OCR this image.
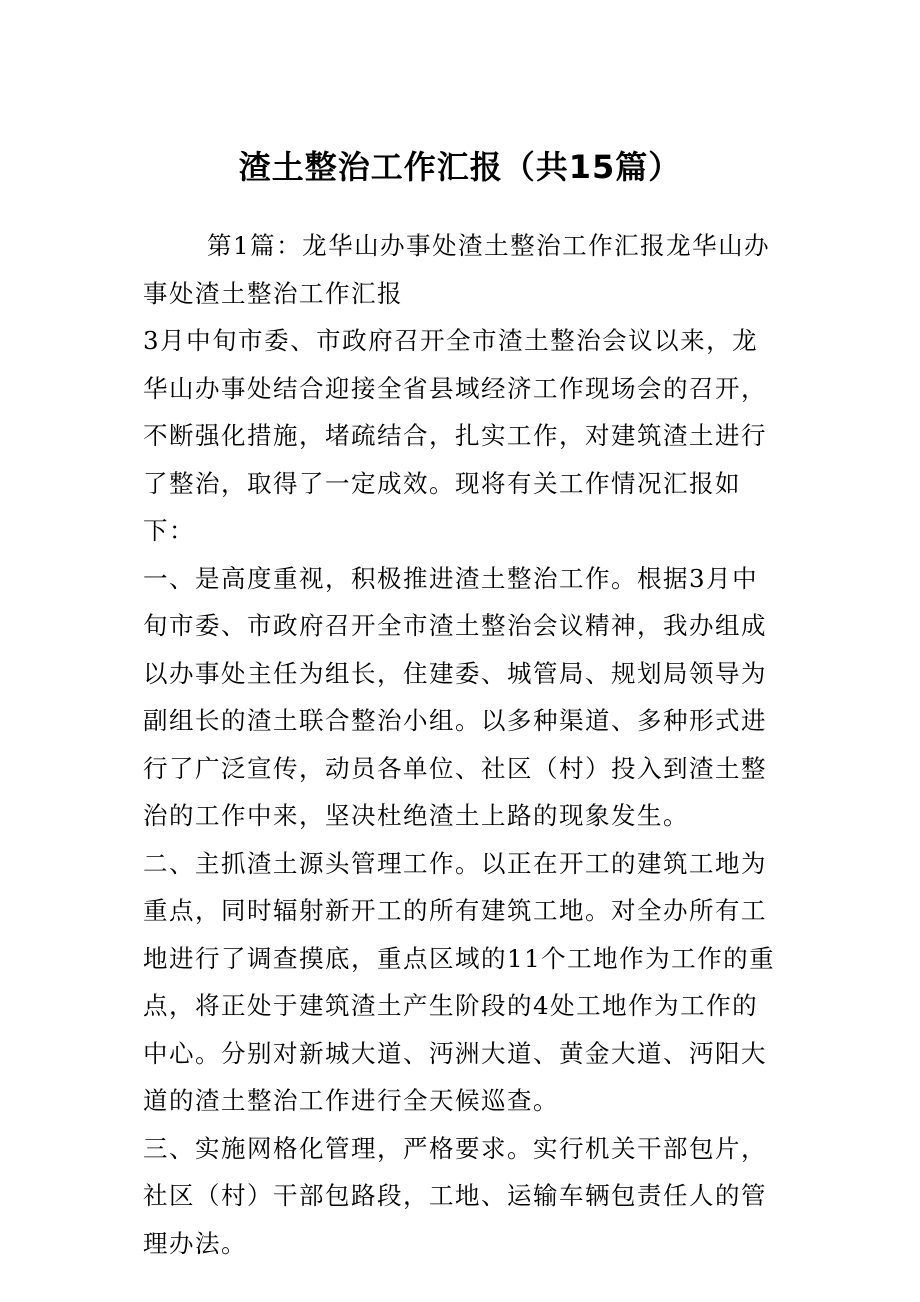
渣土整治工作汇报（共15篇）

第1篇：龙华山办事处渣土整治工作汇报龙华山办事处渣土整治工作汇报

3月中旬市委、市政府召开全市渣土整治会议以来，龙华山办事处结合迎接全省县域经济工作现场会的召开，不断强化措施，堵疏结合，扎实工作，对建筑渣土进行了整治，取得了一定成效。现将有关工作情况汇报如下：

一、是高度重视，积极推进渣土整治工作。根据3月中旬市委、市政府召开全市渣土整治会议精神，我办组成以办事处主任为组长，住建委、城管局、规划局领导为副组长的渣土联合整治小组。以多种渠道、多种形式进行了广泛宣传，动员各单位、社区（村）投入到渣土整治的工作中来，坚决杜绝渣土上路的现象发生。

二、主抓渣土源头管理工作。以正在开工的建筑工地为重点，同时辐射新开工的所有建筑工地。对全办所有工地进行了调查摸底，重点区域的11个工地作为工作的重点，将正处于建筑渣土产生阶段的4处工地作为工作的中心。分别对新城大道、沔洲大道、黄金大道、沔阳大道的渣土整治工作进行全天候巡查。

三、实施网格化管理，严格要求。实行机关干部包片，社区（村）干部包路段，工地、运输车辆包责任人的管理办法。
